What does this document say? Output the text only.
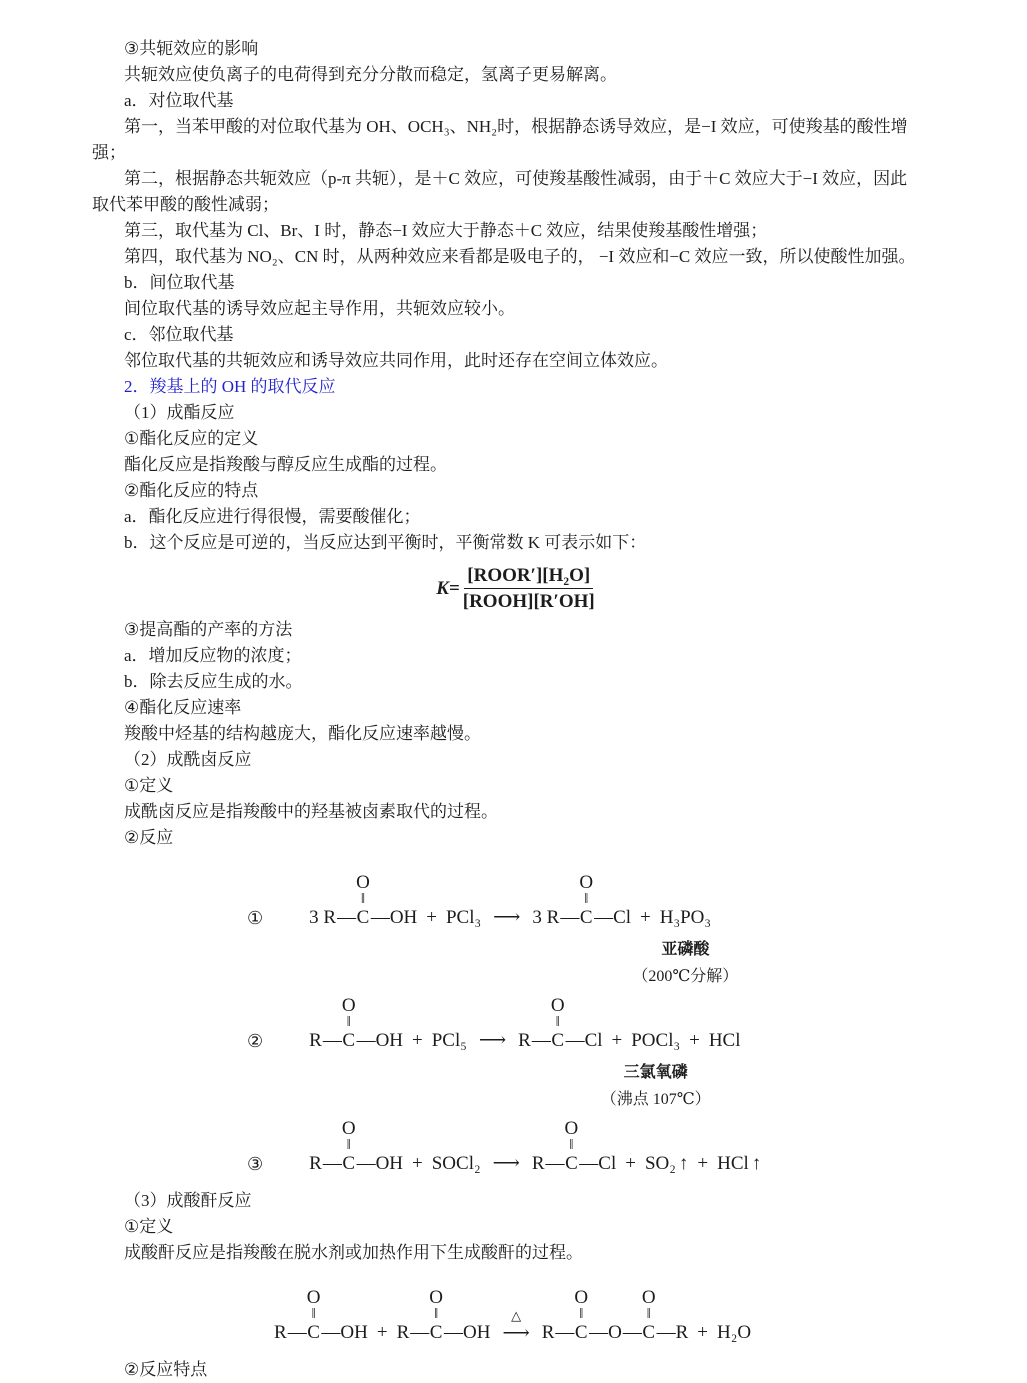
③共轭效应的影响
共轭效应使负离子的电荷得到充分分散而稳定，氢离子更易解离。
a．对位取代基
第一，当苯甲酸的对位取代基为 OH、OCH₃、NH₂时，根据静态诱导效应，是−I 效应，可使羧基的酸性增
强；
第二，根据静态共轭效应（p-π 共轭），是＋C 效应，可使羧基酸性减弱，由于＋C 效应大于−I 效应，因此
取代苯甲酸的酸性减弱；
第三，取代基为 Cl、Br、I 时，静态−I 效应大于静态＋C 效应，结果使羧基酸性增强；
第四，取代基为 NO₂、CN 时，从两种效应来看都是吸电子的， −I 效应和−C 效应一致，所以使酸性加强。
b．间位取代基
间位取代基的诱导效应起主导作用，共轭效应较小。
c．邻位取代基
邻位取代基的共轭效应和诱导效应共同作用，此时还存在空间立体效应。
2．羧基上的 OH 的取代反应
（1）成酯反应
①酯化反应的定义
酯化反应是指羧酸与醇反应生成酯的过程。
②酯化反应的特点
a．酯化反应进行得很慢，需要酸催化；
b．这个反应是可逆的，当反应达到平衡时，平衡常数 K 可表示如下：
$K= \frac{\text{[ROOR′][H₂O]}}{\text{[ROOH][R′OH]}}$
③提高酯的产率的方法
a．增加反应物的浓度；
b．除去反应生成的水。
④酯化反应速率
羧酸中烃基的结构越庞大，酯化反应速率越慢。
（2）成酰卤反应
①定义
成酰卤反应是指羧酸中的羟基被卤素取代的过程。
②反应
① 3 R —
O
‖
C — OH + PCl₃ ⟶ 3 R —
O
‖
C — Cl + H₃PO₃
亚磷酸
（200℃分解）
② R —
O
‖
C — OH + PCl₅ ⟶ R —
O
‖
C — Cl + POCl₃
三氯氧磷
（沸点 107℃）
+ HCl
③ R —
O
‖
C — OH + SOCl₂ ⟶ R —
O
‖
C — Cl + SO₂ ↑ + HCl ↑
（3）成酸酐反应
①定义
成酸酐反应是指羧酸在脱水剂或加热作用下生成酸酐的过程。
R —
O
‖
C — OH + R —
O
‖
C — OH
△
⟶ R —
O
‖
C — O —
O
‖
C — R + H₂O
②反应特点
